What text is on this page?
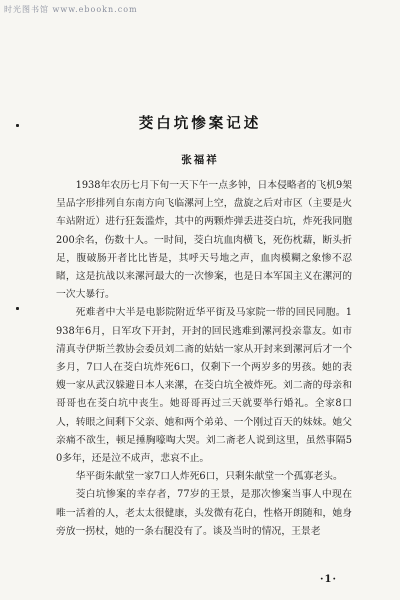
时光图书馆 www.ebookn.com
茭白坑惨案记述
张福祥

1938年农历七月下旬一天下午一点多钟，日本侵略者的飞机9架呈品字形排列自东南方向飞临漯河上空，盘旋之后对市区（主要是火车站附近）进行狂轰滥炸，其中的两颗炸弹丢进茭白坑，炸死我同胞200余名，伤数十人。一时间，茭白坑血肉横飞，死伤枕藉，断头折足，腹破肠开者比比皆是，其呼天号地之声，血肉模糊之象惨不忍睹，这是抗战以来漯河最大的一次惨案，也是日本军国主义在漯河的一次大暴行。

死难者中大半是电影院附近华平街及马家院一带的回民同胞。1938年6月，日军攻下开封，开封的回民逃难到漯河投亲靠友。如市清真寺伊斯兰教协会委员刘二斋的姑姑一家从开封来到漯河后才一个多月，7口人在茭白坑炸死6口，仅剩下一个两岁多的男孩。她的表嫂一家从武汉躲避日本人来漯，在茭白坑全被炸死。刘二斋的母亲和哥哥也在茭白坑中丧生。她哥哥再过三天就要举行婚礼。全家8口人，转眼之间剩下父亲、她和两个弟弟、一个刚过百天的妹妹。她父亲痛不欲生，顿足捶胸嚎啕大哭。刘二斋老人说到这里，虽然事隔50多年，还是泣不成声，悲哀不止。

华平街朱献堂一家7口人炸死6口，只剩朱献堂一个孤寡老头。

茭白坑惨案的幸存者，77岁的王景，是那次惨案当事人中现在唯一活着的人，老太太很健康，头发微有花白，性格开朗随和，她身旁放一拐杖，她的一条右腿没有了。谈及当时的情况，王景老

·1·
